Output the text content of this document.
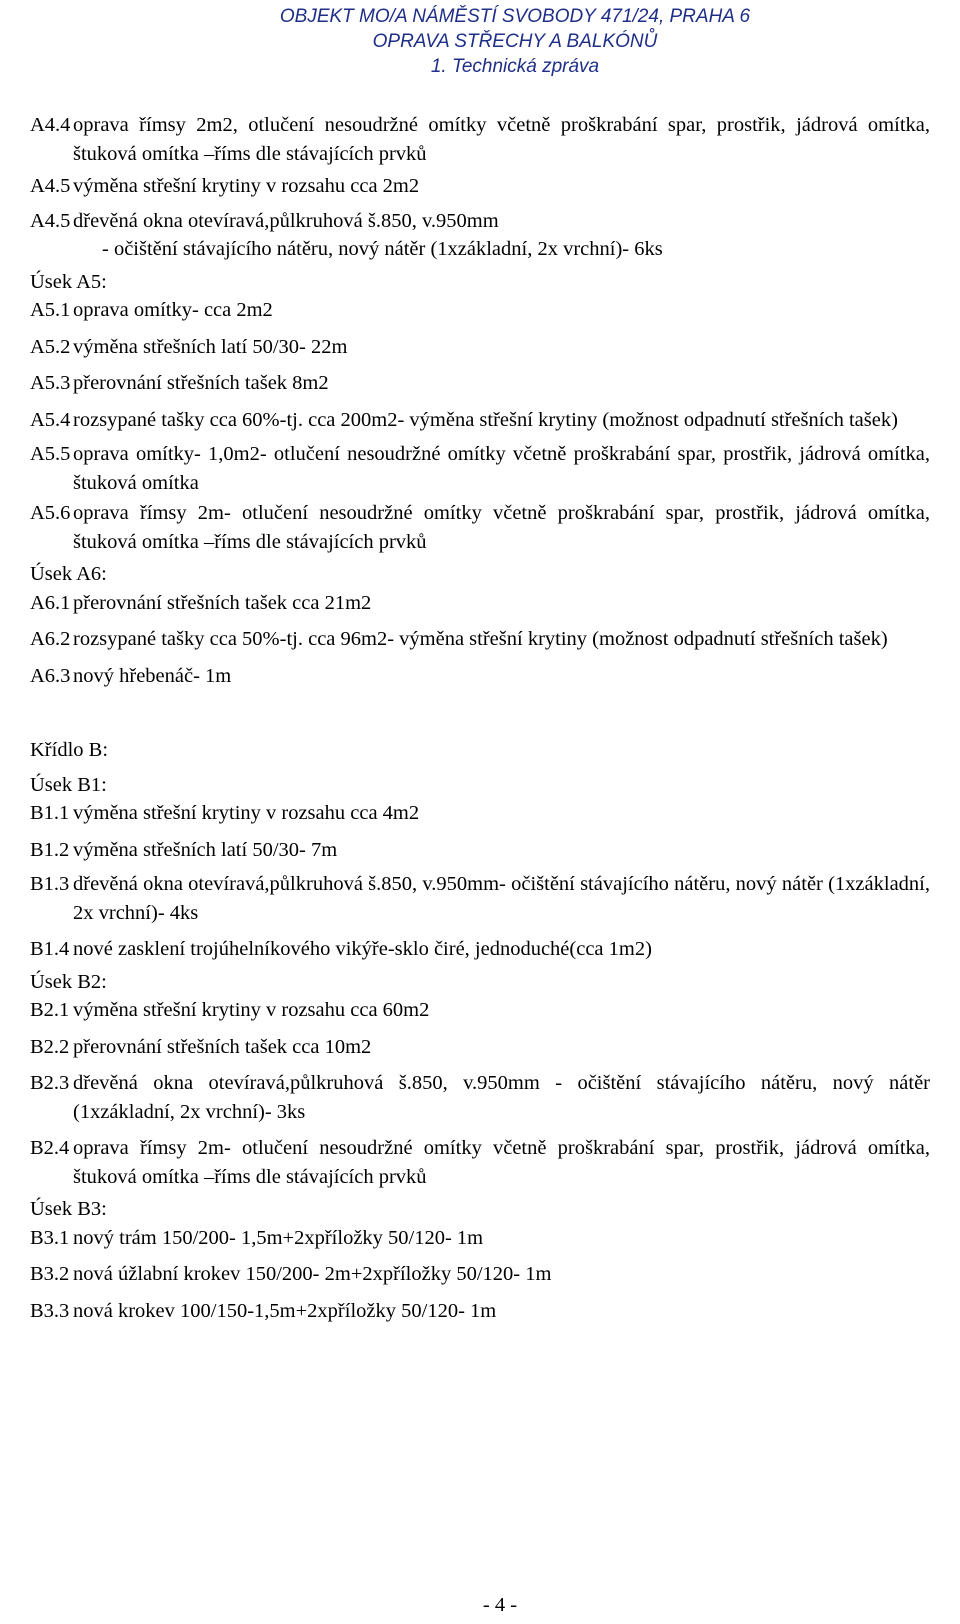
OBJEKT MO/A NÁMĚSTÍ SVOBODY 471/24, PRAHA 6
OPRAVA STŘECHY A BALKÓNŮ
1. Technická zpráva
A4.4 oprava římsy 2m2, otlučení nesoudržné omítky včetně proškrabání spar, prostřik, jádrová omítka, štuková omítka –říms dle stávajících prvků
A4.5 výměna střešní krytiny v rozsahu cca 2m2
A4.5 dřevěná okna otevíravá,půlkruhová š.850, v.950mm
- očištění stávajícího nátěru, nový nátěr (1xzákladní, 2x vrchní)- 6ks
Úsek A5:
A5.1 oprava omítky- cca 2m2
A5.2 výměna střešních latí 50/30- 22m
A5.3 přerovnání střešních tašek 8m2
A5.4 rozsypané tašky cca 60%-tj. cca 200m2- výměna střešní krytiny (možnost odpadnutí střešních tašek)
A5.5 oprava omítky- 1,0m2- otlučení nesoudržné omítky včetně proškrabání spar, prostřik, jádrová omítka, štuková omítka
A5.6 oprava římsy 2m- otlučení nesoudržné omítky včetně proškrabání spar, prostřik, jádrová omítka, štuková omítka –říms dle stávajících prvků
Úsek A6:
A6.1 přerovnání střešních tašek cca 21m2
A6.2 rozsypané tašky cca 50%-tj. cca 96m2- výměna střešní krytiny (možnost odpadnutí střešních tašek)
A6.3 nový hřebenáč- 1m
Křídlo B:
Úsek B1:
B1.1 výměna střešní krytiny v rozsahu cca 4m2
B1.2 výměna střešních latí 50/30- 7m
B1.3 dřevěná okna otevíravá,půlkruhová š.850, v.950mm- očištění stávajícího nátěru, nový nátěr (1xzákladní, 2x vrchní)- 4ks
B1.4 nové zasklení trojúhelníkového vikýře-sklo čiré, jednoduché(cca 1m2)
Úsek B2:
B2.1 výměna střešní krytiny v rozsahu cca 60m2
B2.2 přerovnání střešních tašek cca 10m2
B2.3 dřevěná okna otevíravá,půlkruhová š.850, v.950mm - očištění stávajícího nátěru, nový nátěr (1xzákladní, 2x vrchní)- 3ks
B2.4 oprava římsy 2m- otlučení nesoudržné omítky včetně proškrabání spar, prostřik, jádrová omítka, štuková omítka –říms dle stávajících prvků
Úsek B3:
B3.1 nový trám 150/200- 1,5m+2xpříložky 50/120- 1m
B3.2 nová úžlabní krokev 150/200- 2m+2xpříložky 50/120- 1m
B3.3 nová krokev 100/150-1,5m+2xpříložky 50/120- 1m
- 4 -
